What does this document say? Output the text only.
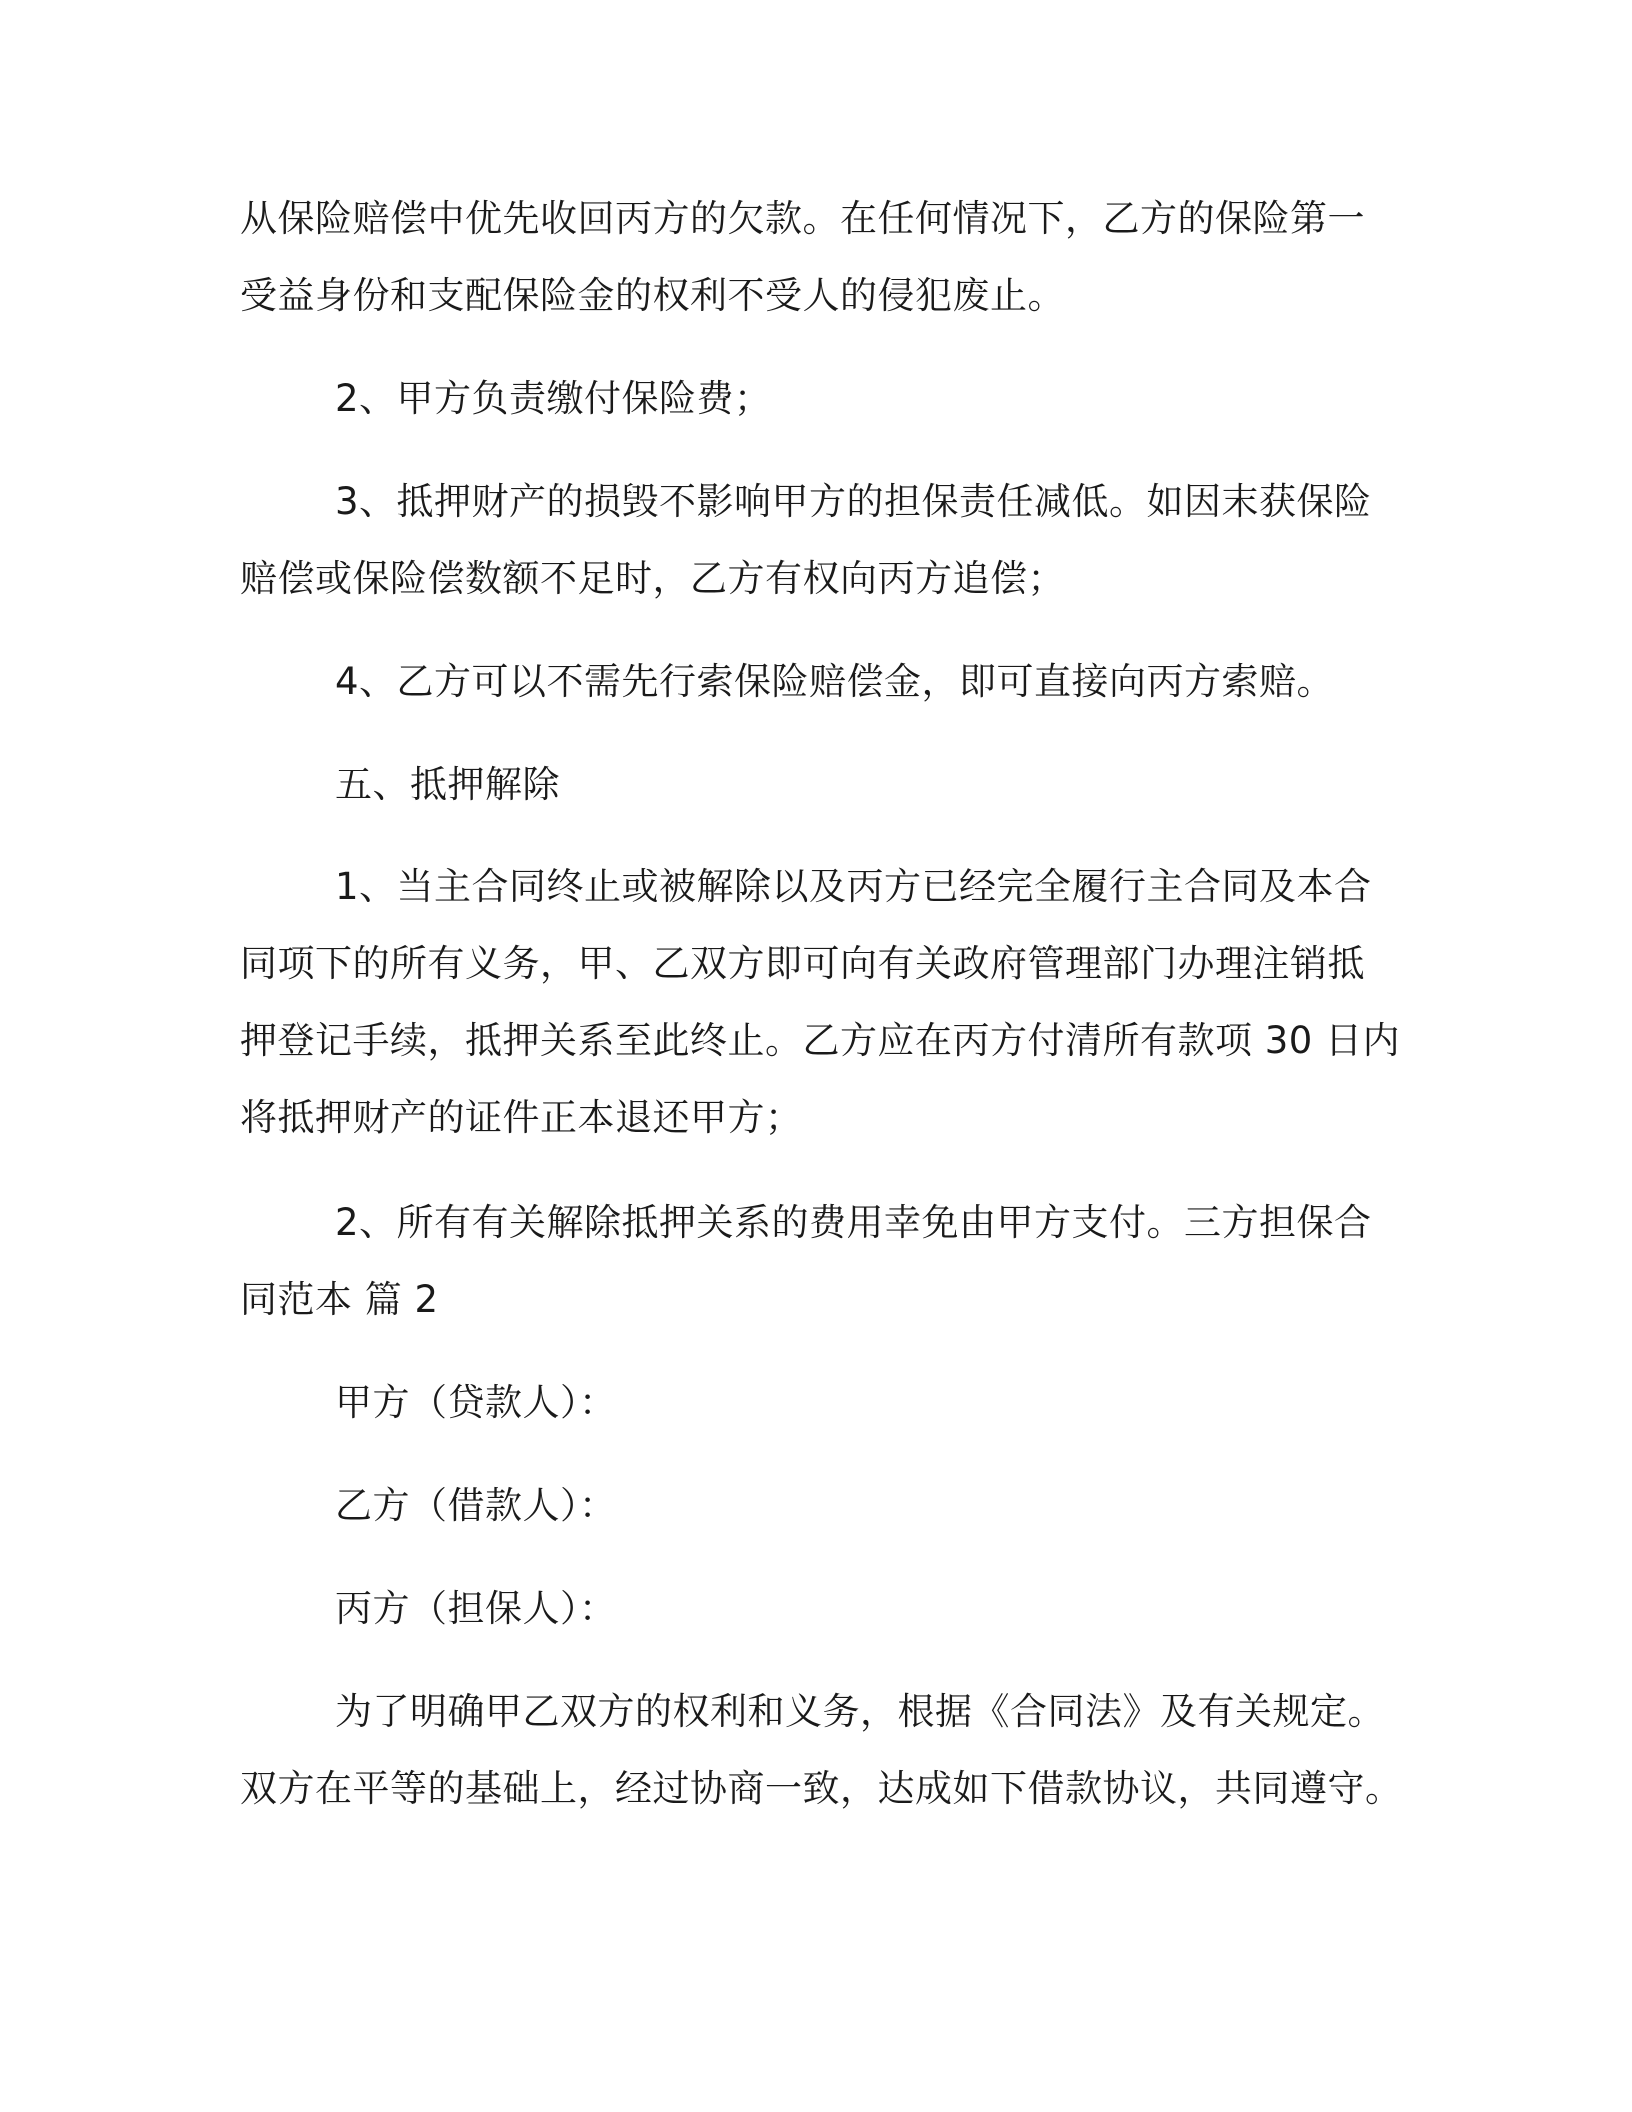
从保险赔偿中优先收回丙方的欠款。在任何情况下，乙方的保险第一
受益身份和支配保险金的权利不受人的侵犯废止。

2、甲方负责缴付保险费；

3、抵押财产的损毁不影响甲方的担保责任减低。如因末获保险
赔偿或保险偿数额不足时，乙方有权向丙方追偿；

4、乙方可以不需先行索保险赔偿金，即可直接向丙方索赔。

五、抵押解除

1、当主合同终止或被解除以及丙方已经完全履行主合同及本合
同项下的所有义务，甲、乙双方即可向有关政府管理部门办理注销抵
押登记手续，抵押关系至此终止。乙方应在丙方付清所有款项 30 日内
将抵押财产的证件正本退还甲方；

2、所有有关解除抵押关系的费用幸免由甲方支付。三方担保合
同范本 篇 2

甲方（贷款人）：

乙方（借款人）：

丙方（担保人）：

为了明确甲乙双方的权利和义务，根据《合同法》及有关规定。
双方在平等的基础上，经过协商一致，达成如下借款协议，共同遵守。
